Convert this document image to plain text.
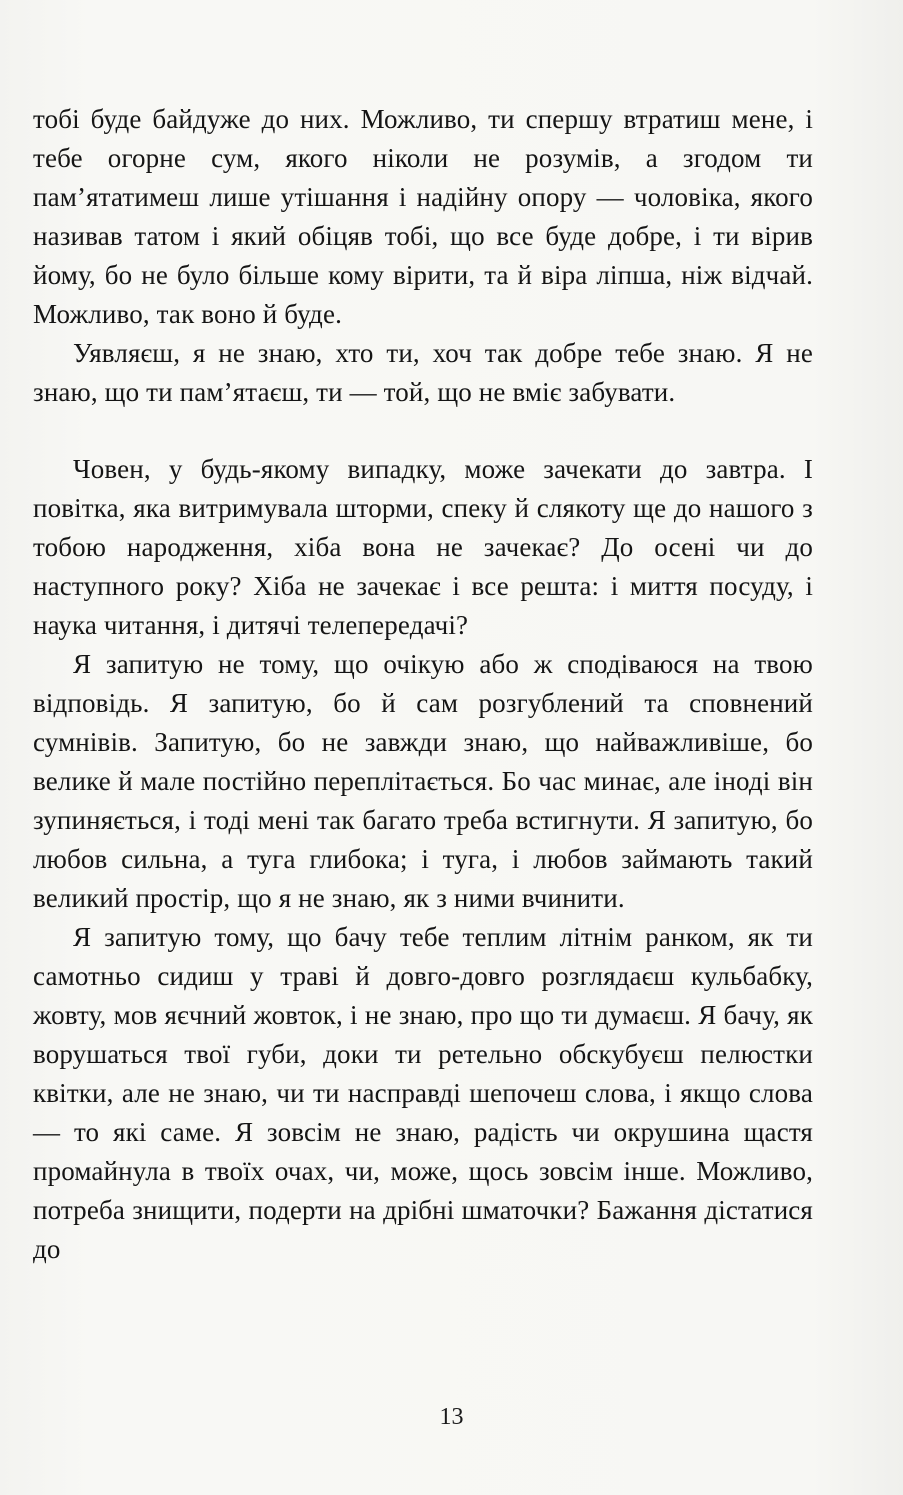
тобі буде байдуже до них. Можливо, ти спершу втратиш мене, і тебе огорне сум, якого ніколи не розумів, а згодом ти пам’ятатимеш лише утішання і надійну опору — чоловіка, якого називав татом і який обіцяв тобі, що все буде добре, і ти вірив йому, бо не було більше кому вірити, та й віра ліпша, ніж відчай. Можливо, так воно й буде.

Уявляєш, я не знаю, хто ти, хоч так добре тебе знаю. Я не знаю, що ти пам’ятаєш, ти — той, що не вміє забувати.

Човен, у будь-якому випадку, може зачекати до завтра. І повітка, яка витримувала шторми, спеку й слякоту ще до нашого з тобою народження, хіба вона не зачекає? До осені чи до наступного року? Хіба не зачекає і все решта: і миття посуду, і наука читання, і дитячі телепередачі?

Я запитую не тому, що очікую або ж сподіваюся на твою відповідь. Я запитую, бо й сам розгублений та сповнений сумнівів. Запитую, бо не завжди знаю, що найважливіше, бо велике й мале постійно переплітається. Бо час минає, але іноді він зупиняється, і тоді мені так багато треба встигнути. Я запитую, бо любов сильна, а туга глибока; і туга, і любов займають такий великий простір, що я не знаю, як з ними вчинити.

Я запитую тому, що бачу тебе теплим літнім ранком, як ти самотньо сидиш у траві й довго-довго розглядаєш кульбабку, жовту, мов яєчний жовток, і не знаю, про що ти думаєш. Я бачу, як ворушаться твої губи, доки ти ретельно обскубуєш пелюстки квітки, але не знаю, чи ти насправді шепочеш слова, і якщо слова — то які саме. Я зовсім не знаю, радість чи окрушина щастя промайнула в твоїх очах, чи, може, щось зовсім інше. Можливо, потреба знищити, подерти на дрібні шматочки? Бажання дістатися до

13
